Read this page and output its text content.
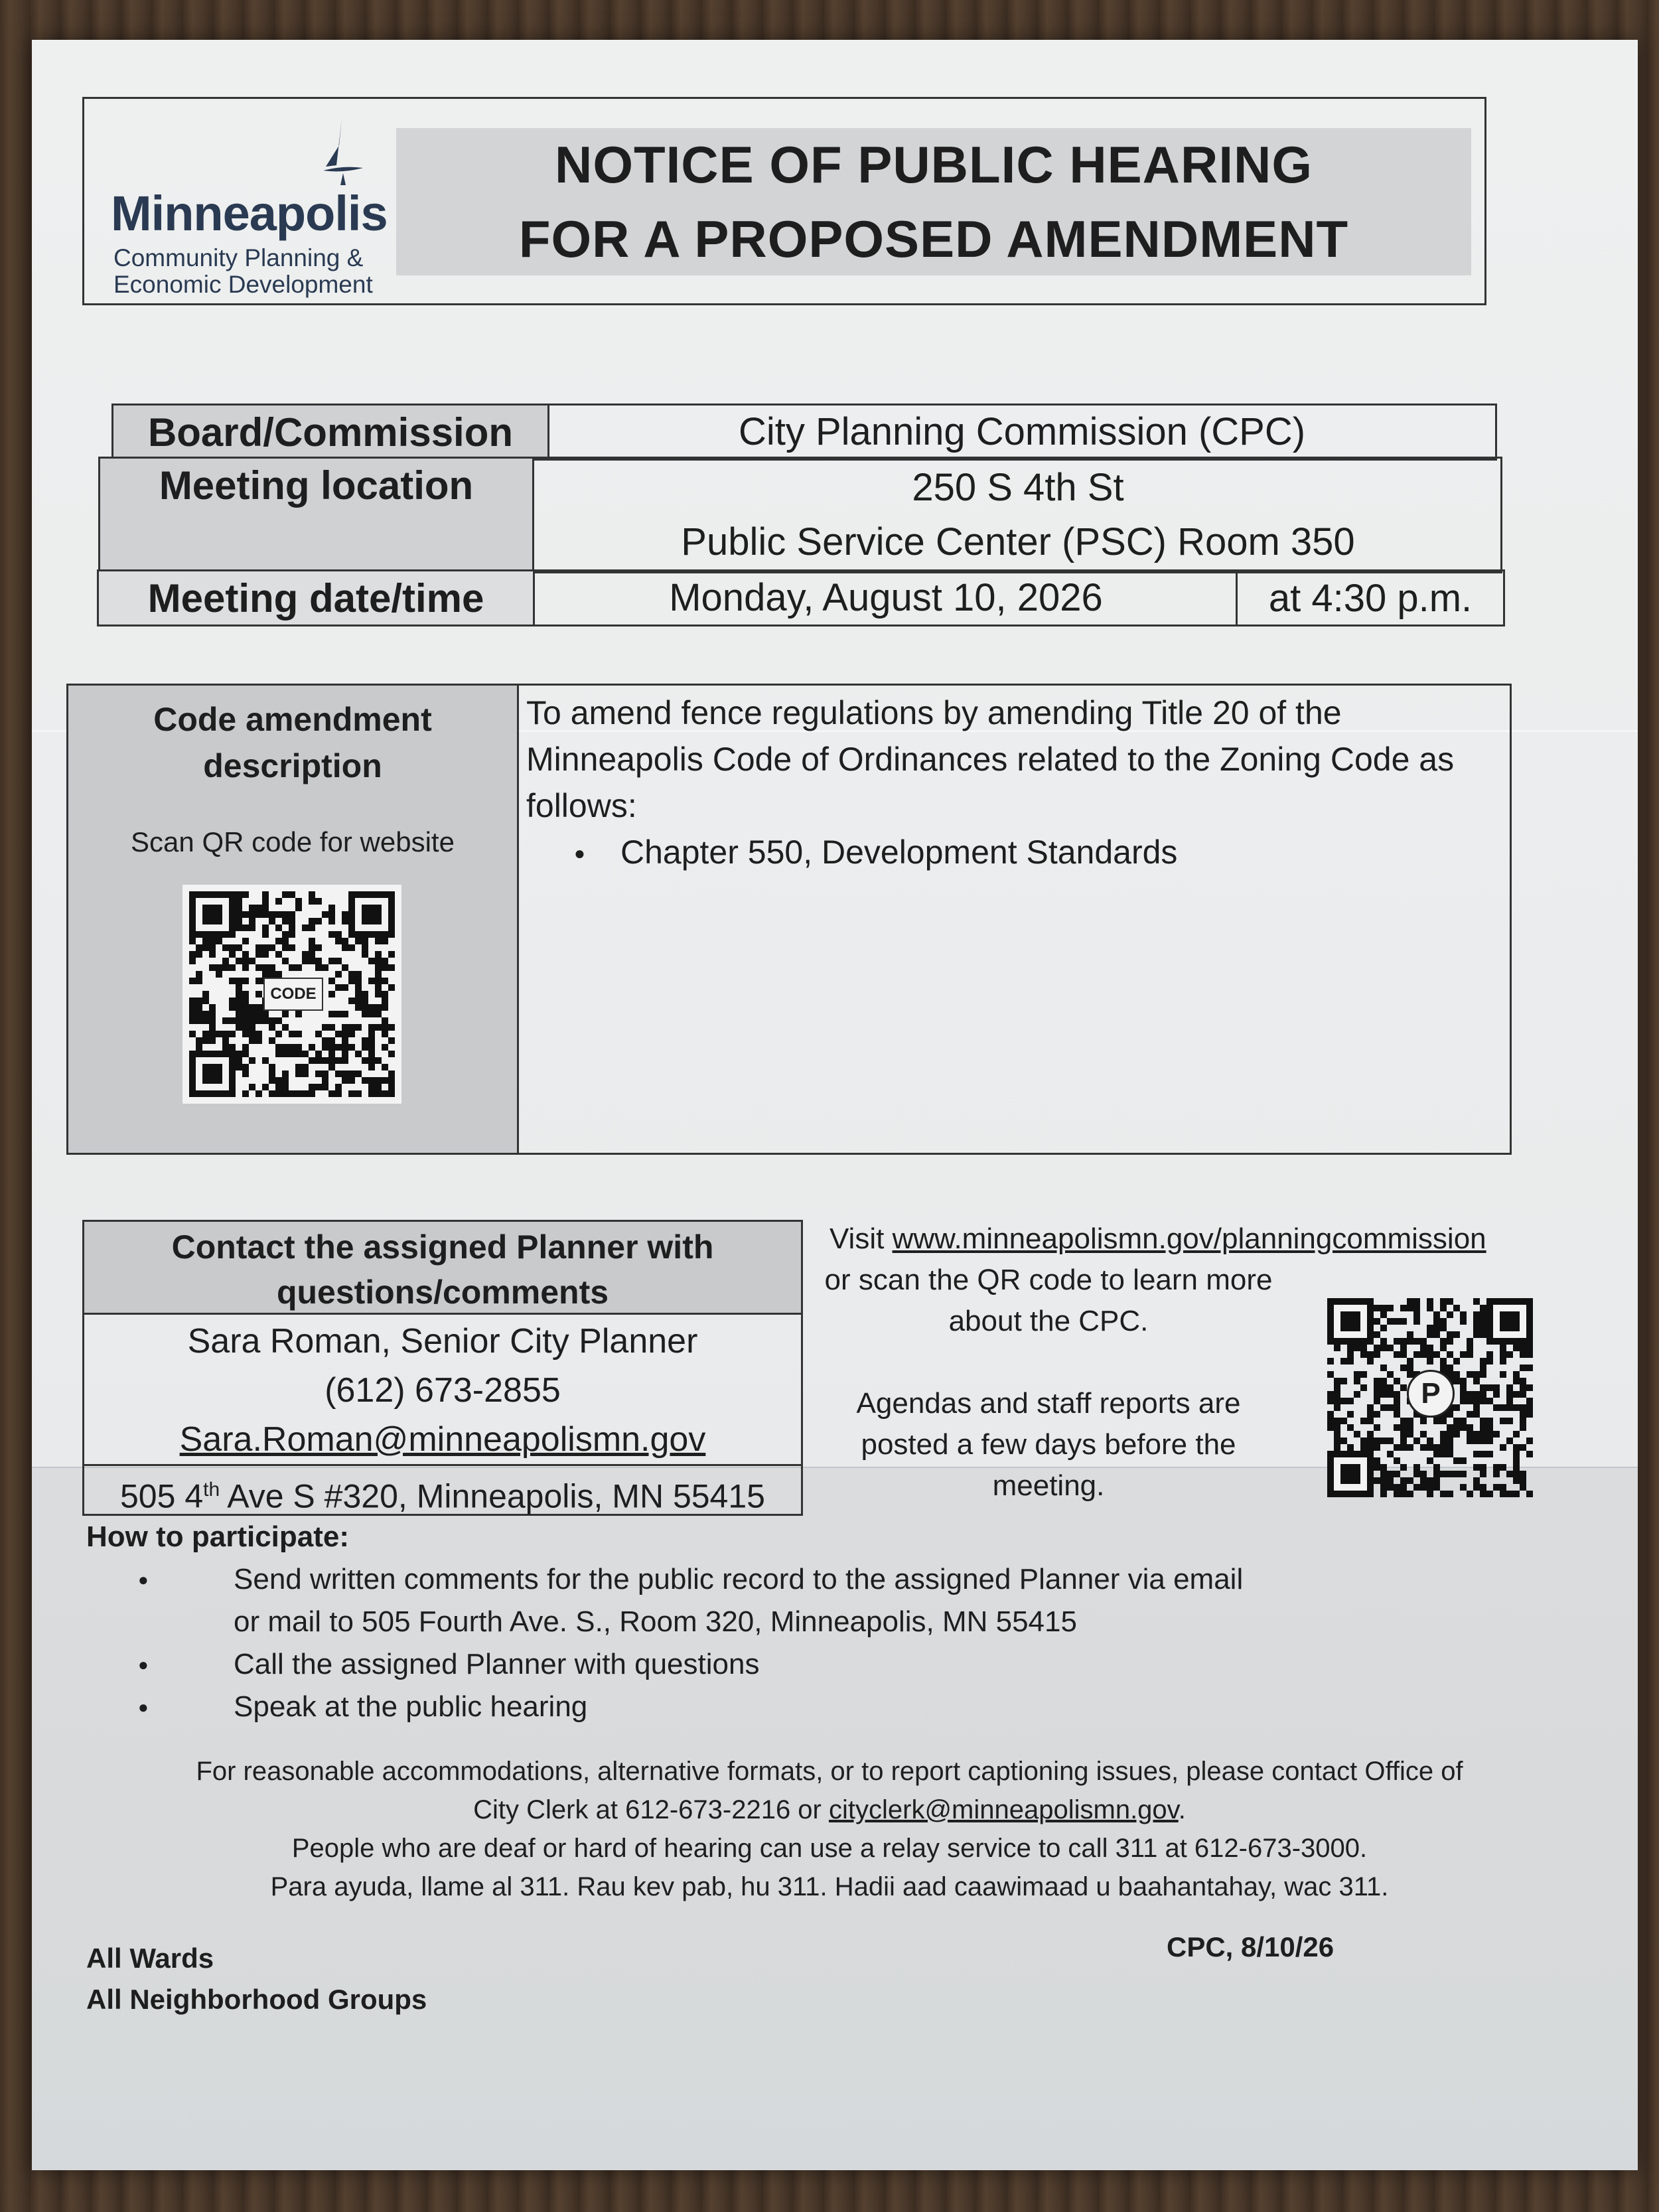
Minneapolis
Community Planning &
Economic Development
NOTICE OF PUBLIC HEARING
FOR A PROPOSED AMENDMENT
Board/Commission	City Planning Commission (CPC)
Meeting location	250 S 4th St
Public Service Center (PSC) Room 350
Meeting date/time	Monday, August 10, 2026	at 4:30 p.m.
Code amendment
description
Scan QR code for website
CODE
To amend fence regulations by amending Title 20 of the
Minneapolis Code of Ordinances related to the Zoning Code as
follows:
● Chapter 550, Development Standards
Contact the assigned Planner with
questions/comments
Sara Roman, Senior City Planner
(612) 673-2855
Sara.Roman@minneapolismn.gov
505 4th Ave S #320, Minneapolis, MN 55415
Visit www.minneapolismn.gov/planningcommission
or scan the QR code to learn more
about the CPC.
Agendas and staff reports are
posted a few days before the
meeting.
P
How to participate:
● Send written comments for the public record to the assigned Planner via email
or mail to 505 Fourth Ave. S., Room 320, Minneapolis, MN 55415
● Call the assigned Planner with questions
● Speak at the public hearing
For reasonable accommodations, alternative formats, or to report captioning issues, please contact Office of
City Clerk at 612-673-2216 or cityclerk@minneapolismn.gov.
People who are deaf or hard of hearing can use a relay service to call 311 at 612-673-3000.
Para ayuda, llame al 311. Rau kev pab, hu 311. Hadii aad caawimaad u baahantahay, wac 311.
All Wards
All Neighborhood Groups
CPC, 8/10/26
